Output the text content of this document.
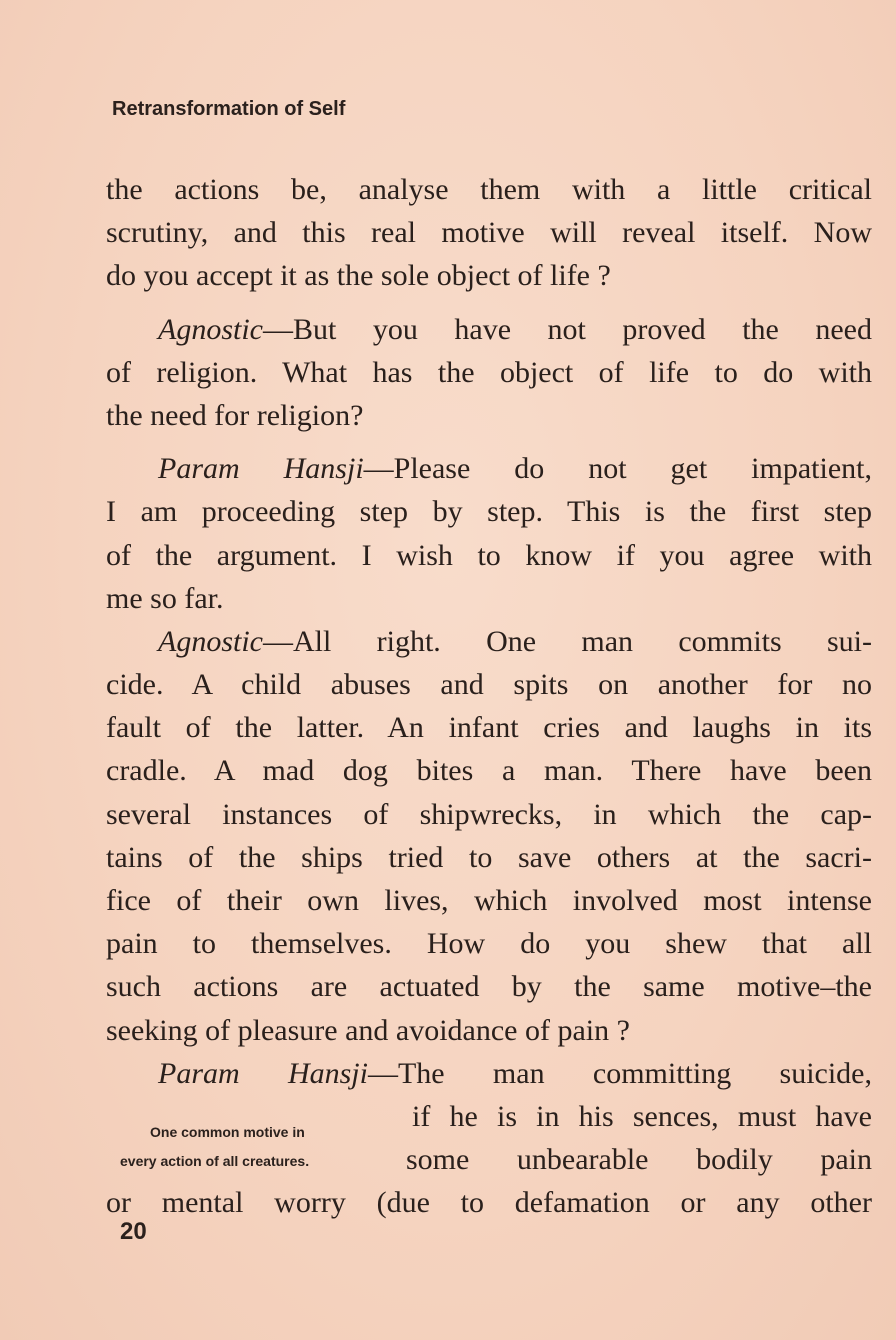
Retransformation of Self
the actions be, analyse them with a little critical
scrutiny, and this real motive will reveal itself. Now
do you accept it as the sole object of life ?
Agnostic—But you have not proved the need
of religion. What has the object of life to do with
the need for religion?
Param Hansji—Please do not get impatient,
I am proceeding step by step. This is the first step
of the argument. I wish to know if you agree with
me so far.
Agnostic—All right. One man commits sui-
cide. A child abuses and spits on another for no
fault of the latter. An infant cries and laughs in its
cradle. A mad dog bites a man. There have been
several instances of shipwrecks, in which the cap-
tains of the ships tried to save others at the sacri-
fice of their own lives, which involved most intense
pain to themselves. How do you shew that all
such actions are actuated by the same motive–the
seeking of pleasure and avoidance of pain ?
Param Hansji—The man committing suicide,
One common motive in	if he is in his sences, must have
every action of all creatures.	some unbearable bodily pain
or mental worry (due to defamation or any other
20
